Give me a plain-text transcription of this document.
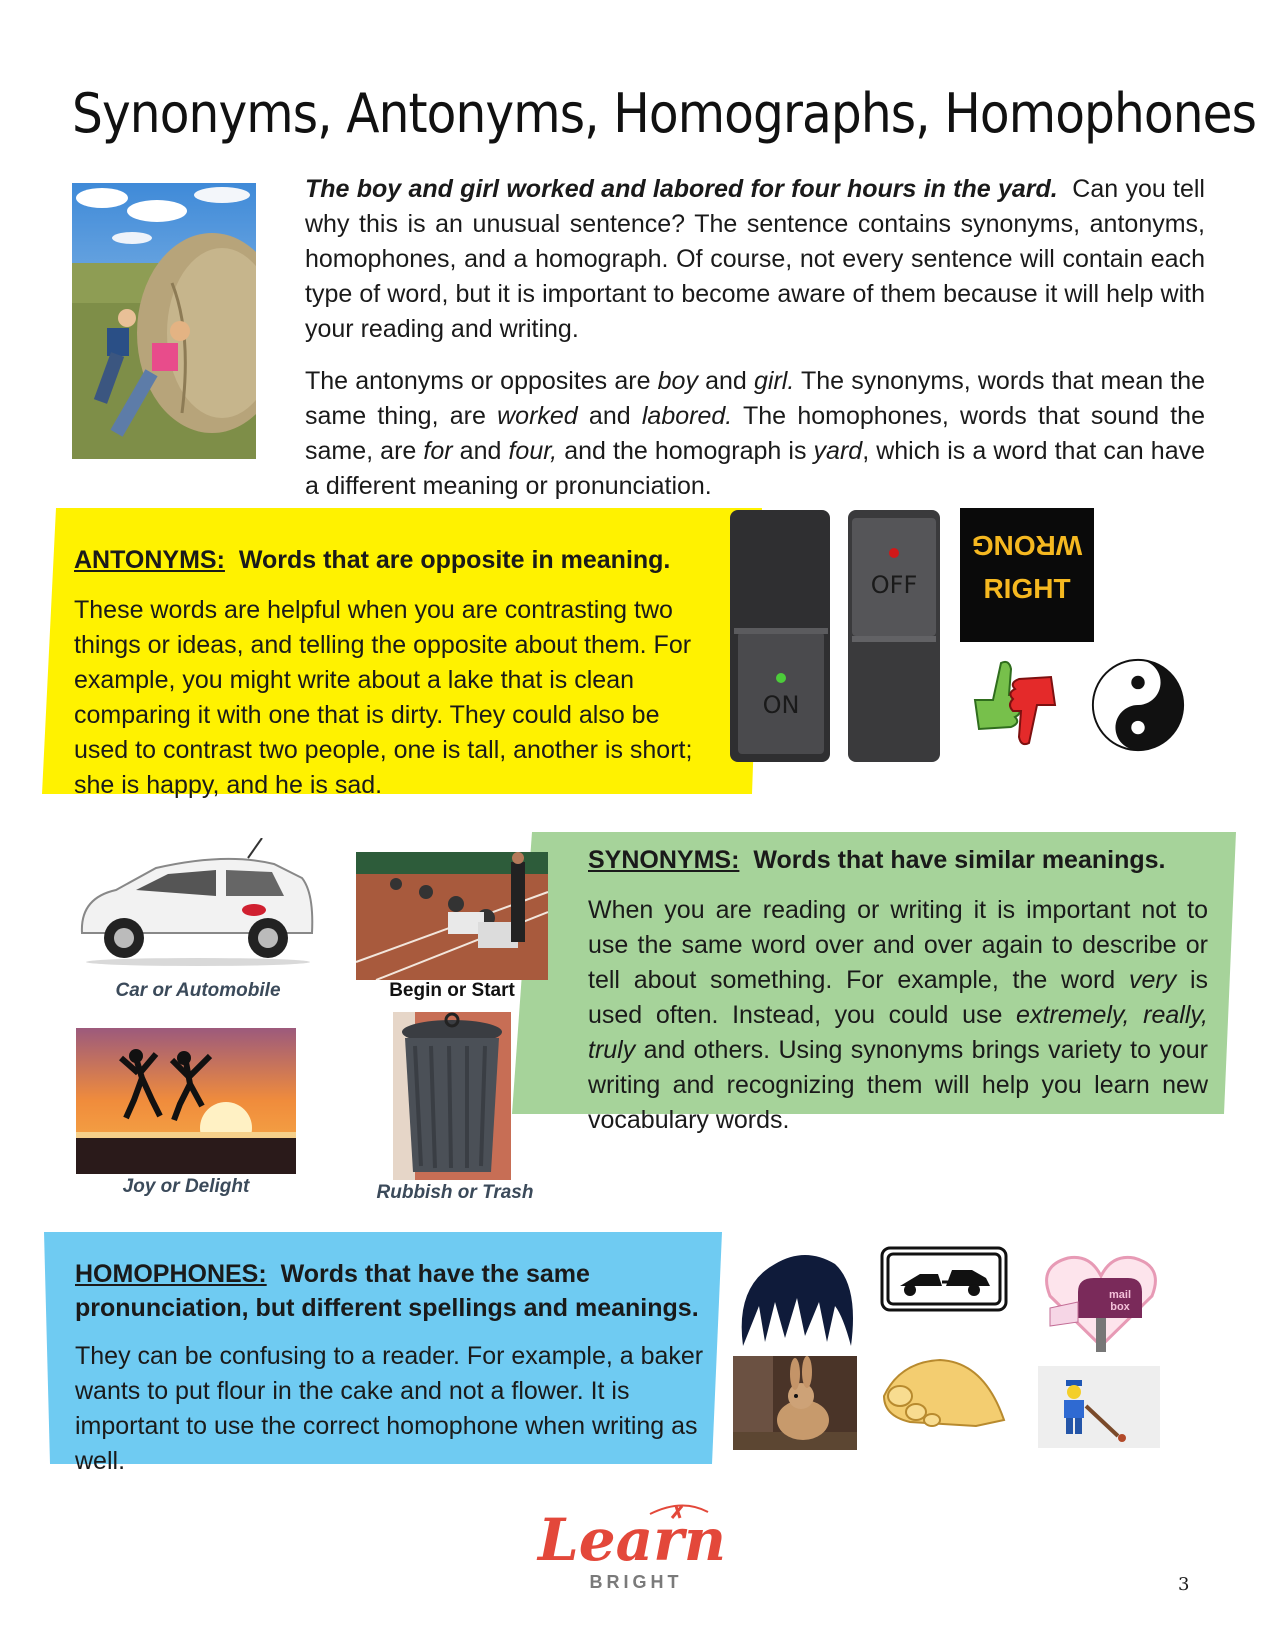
Synonyms, Antonyms, Homographs, Homophones

The boy and girl worked and labored for four hours in the yard. Can you tell why this is an unusual sentence? The sentence contains synonyms, antonyms, homophones, and a homograph. Of course, not every sentence will contain each type of word, but it is important to become aware of them because it will help with your reading and writing.

The antonyms or opposites are boy and girl. The synonyms, words that mean the same thing, are worked and labored. The homophones, words that sound the same, are for and four, and the homograph is yard, which is a word that can have a different meaning or pronunciation.

ANTONYMS: Words that are opposite in meaning.

These words are helpful when you are contrasting two things or ideas, and telling the opposite about them. For example, you might write about a lake that is clean comparing it with one that is dirty. They could also be used to contrast two people, one is tall, another is short; she is happy, and he is sad.

ON
OFF
WRONG
RIGHT
SYNONYMS: Words that have similar meanings.

When you are reading or writing it is important not to use the same word over and over again to describe or tell about something. For example, the word very is used often. Instead, you could use extremely, really, truly and others. Using synonyms brings variety to your writing and recognizing them will help you learn new vocabulary words.

Car or Automobile	Begin or Start
Joy or Delight	Rubbish or Trash
HOMOPHONES: Words that have the same pronunciation, but different spellings and meanings.

They can be confusing to a reader. For example, a baker wants to put flour in the cake and not a flower. It is important to use the correct homophone when writing as well.

mail
box
Learn
BRIGHT	3
